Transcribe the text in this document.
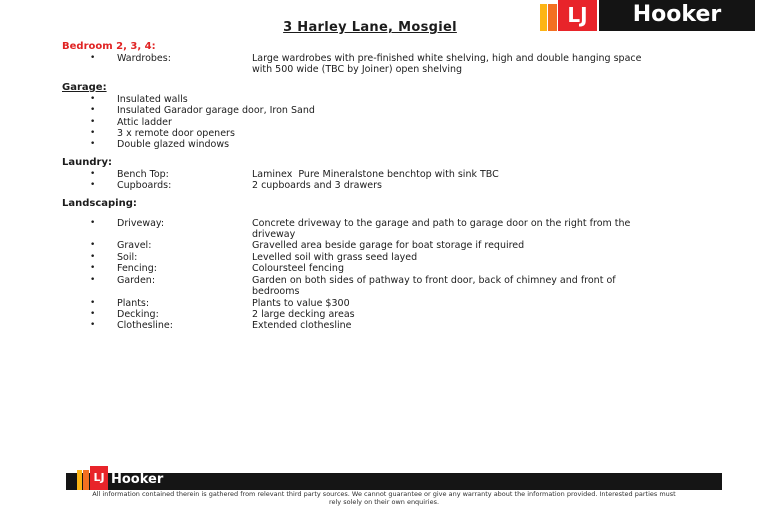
LJ	Hooker
3 Harley Lane, Mosgiel
Bedroom 2, 3, 4:
•	Wardrobes:	Large wardrobes with pre-finished white shelving, high and double hanging space with 500 wide (TBC by Joiner) open shelving
Garage:
•	Insulated walls
•	Insulated Garador garage door, Iron Sand
•	Attic ladder
•	3 x remote door openers
•	Double glazed windows
Laundry:
•	Bench Top:	Laminex  Pure Mineralstone benchtop with sink TBC
•	Cupboards:	2 cupboards and 3 drawers
Landscaping:
•	Driveway:	Concrete driveway to the garage and path to garage door on the right from the driveway
•	Gravel:	Gravelled area beside garage for boat storage if required
•	Soil:	Levelled soil with grass seed layed
•	Fencing:	Coloursteel fencing
•	Garden:	Garden on both sides of pathway to front door, back of chimney and front of bedrooms
•	Plants:	Plants to value $300
•	Decking:	2 large decking areas
•	Clothesline:	Extended clothesline
LJ Hooker
All information contained therein is gathered from relevant third party sources. We cannot guarantee or give any warranty about the information provided. Interested parties must
rely solely on their own enquiries.
